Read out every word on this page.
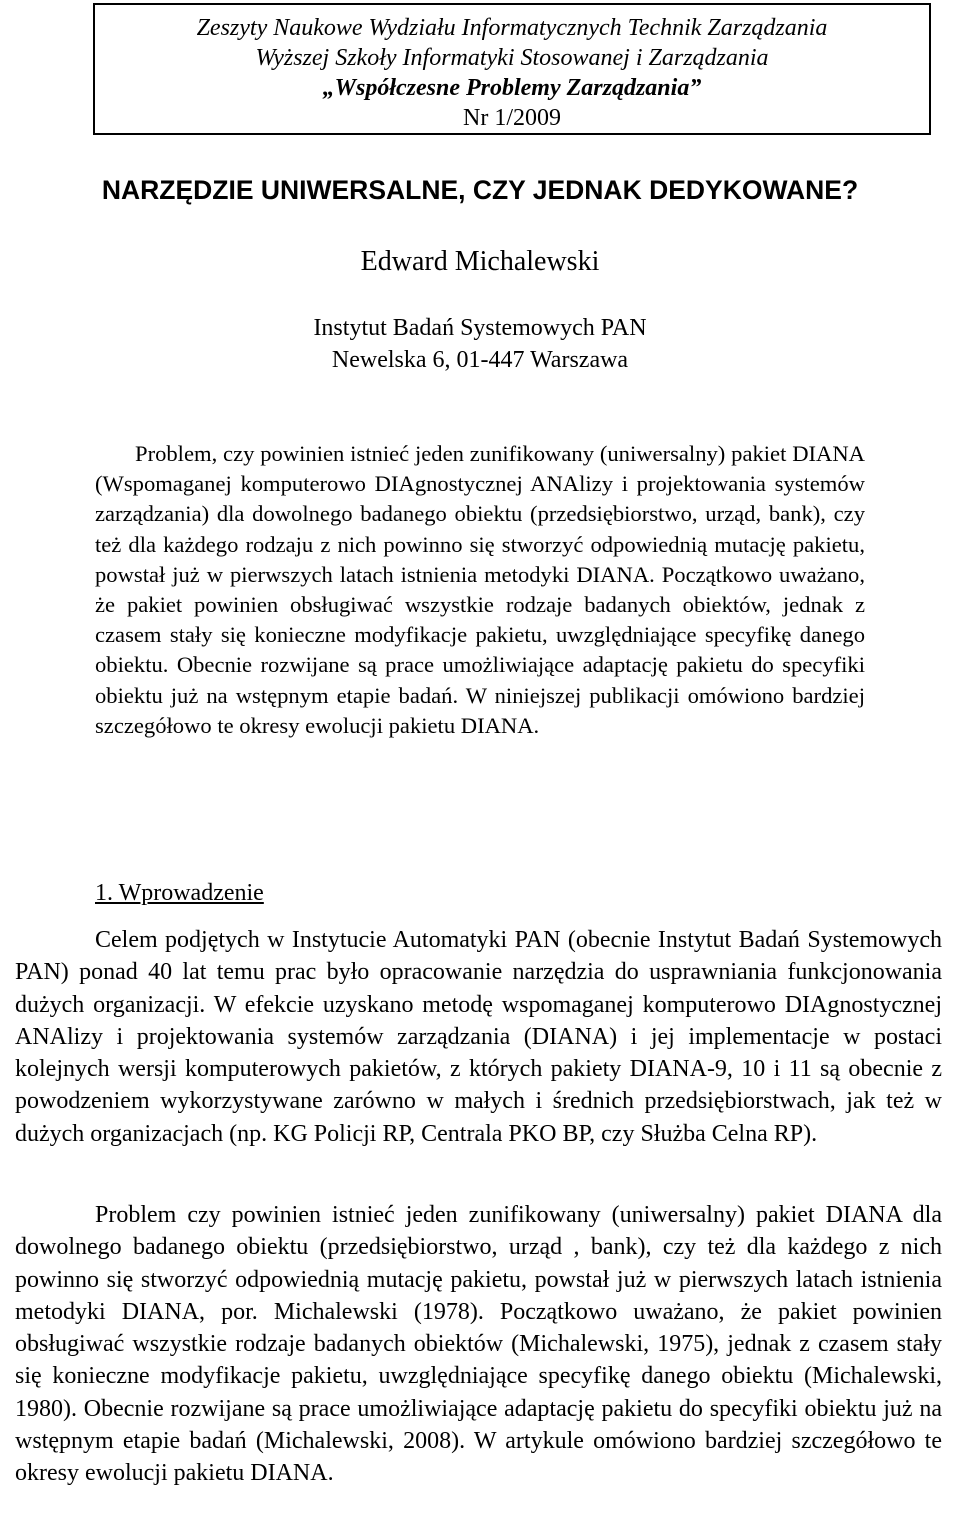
Zeszyty Naukowe Wydziału Informatycznych Technik Zarządzania
Wyższej Szkoły Informatyki Stosowanej i Zarządzania
„Współczesne Problemy Zarządzania”
Nr 1/2009
NARZĘDZIE UNIWERSALNE, CZY JEDNAK DEDYKOWANE?
Edward Michalewski
Instytut Badań Systemowych PAN
Newelska 6, 01-447 Warszawa

Problem, czy powinien istnieć jeden zunifikowany (uniwersalny) pakiet DIANA (Wspomaganej komputerowo DIAgnostycznej ANAlizy i projektowania systemów zarządzania) dla dowolnego badanego obiektu (przedsiębiorstwo, urząd, bank), czy też dla każdego rodzaju z nich powinno się stworzyć odpowiednią mutację pakietu, powstał już w pierwszych latach istnienia metodyki DIANA. Początkowo uważano, że pakiet powinien obsługiwać wszystkie rodzaje badanych obiektów, jednak z czasem stały się konieczne modyfikacje pakietu, uwzględniające specyfikę danego obiektu. Obecnie rozwijane są prace umożliwiające adaptację pakietu do specyfiki obiektu już na wstępnym etapie badań. W niniejszej publikacji omówiono bardziej szczegółowo te okresy ewolucji pakietu DIANA.

1. Wprowadzenie

Celem podjętych w Instytucie Automatyki PAN (obecnie Instytut Badań Systemowych PAN) ponad 40 lat temu prac było opracowanie narzędzia do usprawniania funkcjonowania dużych organizacji. W efekcie uzyskano metodę wspomaganej komputerowo DIAgnostycznej ANAlizy i projektowania systemów zarządzania (DIANA) i jej implementacje w postaci kolejnych wersji komputerowych pakietów, z których pakiety DIANA-9, 10 i 11 są obecnie z powodzeniem wykorzystywane zarówno w małych i średnich przedsiębiorstwach, jak też w dużych organizacjach (np. KG Policji RP, Centrala PKO BP, czy Służba Celna RP).

Problem czy powinien istnieć jeden zunifikowany (uniwersalny) pakiet DIANA dla dowolnego badanego obiektu (przedsiębiorstwo, urząd , bank), czy też dla każdego z nich powinno się stworzyć odpowiednią mutację pakietu, powstał już w pierwszych latach istnienia metodyki DIANA, por. Michalewski (1978). Początkowo uważano, że pakiet powinien obsługiwać wszystkie rodzaje badanych obiektów (Michalewski, 1975), jednak z czasem stały się konieczne modyfikacje pakietu, uwzględniające specyfikę danego obiektu (Michalewski, 1980). Obecnie rozwijane są prace umożliwiające adaptację pakietu do specyfiki obiektu już na wstępnym etapie badań (Michalewski, 2008). W artykule omówiono bardziej szczegółowo te okresy ewolucji pakietu DIANA.
